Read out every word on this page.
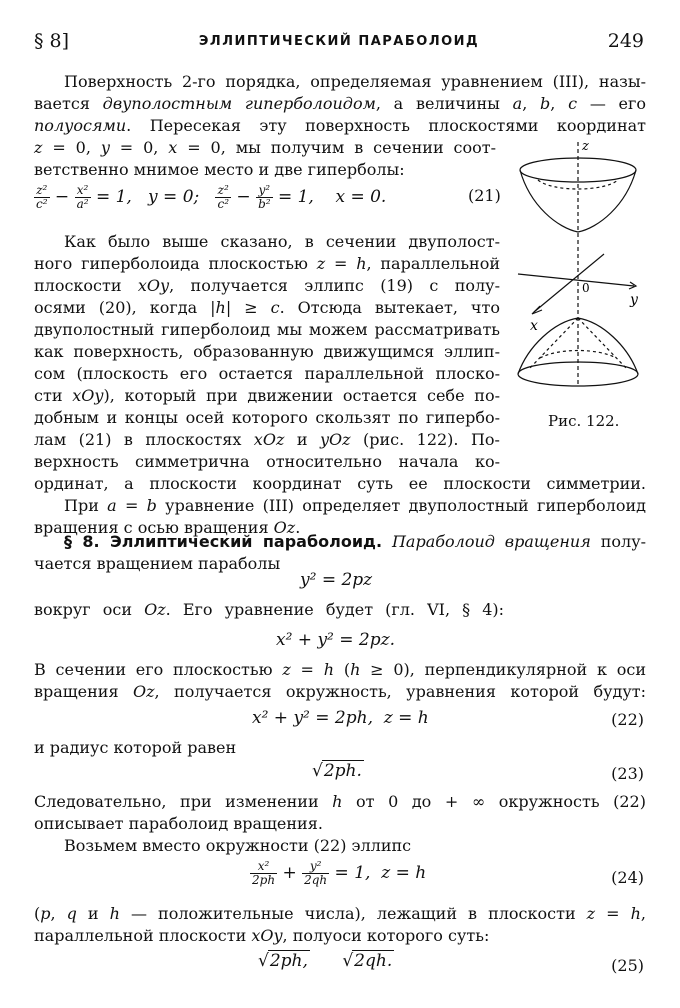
§ 8]	ЭЛЛИПТИЧЕСКИЙ ПАРАБОЛОИД	249
Поверхность 2-го порядка, определяемая уравнением (III), назы-
вается двуполостным гиперболоидом, а величины a, b, c — его
полуосями. Пересекая эту поверхность плоскостями координат
z = 0, y = 0, x = 0, мы получим в сечении соот-
ветственно мнимое место и две гиперболы:
$\frac{\text{z²}}{\text{c²}} - \frac{\text{x²}}{\text{a²}} = 1$,   y = 0; $\frac{\text{z²}}{\text{c²}} - \frac{\text{y²}}{\text{b²}} = 1$,    x = 0.	(21)
Как было выше сказано, в сечении двуполост-
ного гиперболоида плоскостью z = h, параллельной
плоскости xOy, получается эллипс (19) с полу-
осями (20), когда |h| ≥ c. Отсюда вытекает, что
двуполостный гиперболоид мы можем рассматривать
как поверхность, образованную движущимся эллип-
сом (плоскость его остается параллельной плоско-
сти xOy), который при движении остается себе по-
добным и концы осей которого скользят по гипербо-
лам (21) в плоскостях xOz и yOz (рис. 122). По-
верхность симметрична относительно начала ко-
ординат, а плоскости координат суть ее плоскости симметрии.
При a = b уравнение (III) определяет двуполостный гиперболоид
вращения с осью вращения Oz.
z
y
x
0
Рис. 122.
§ 8. Эллиптический параболоид. Параболоид вращения полу-
чается вращением параболы
y² = 2pz
вокруг оси Oz. Его уравнение будет (гл. VI, § 4):
x² + y² = 2pz.
В сечении его плоскостью z = h (h ≥ 0), перпендикулярной к оси
вращения Oz, получается окружность, уравнения которой будут:
x² + y² = 2ph,  z = h	(22)
и радиус которой равен
√2ph.	(23)
Следовательно, при изменении h от 0 до + ∞ окружность (22)
описывает параболоид вращения.
Возьмем вместо окружности (22) эллипс
$\frac{\text{x²}}{2ph} + \frac{\text{y²}}{2qh} = 1$,  z = h	(24)
(p, q и h — положительные числа), лежащий в плоскости z = h,
параллельной плоскости xOy, полуоси которого суть:
√2ph,      √2qh.	(25)
